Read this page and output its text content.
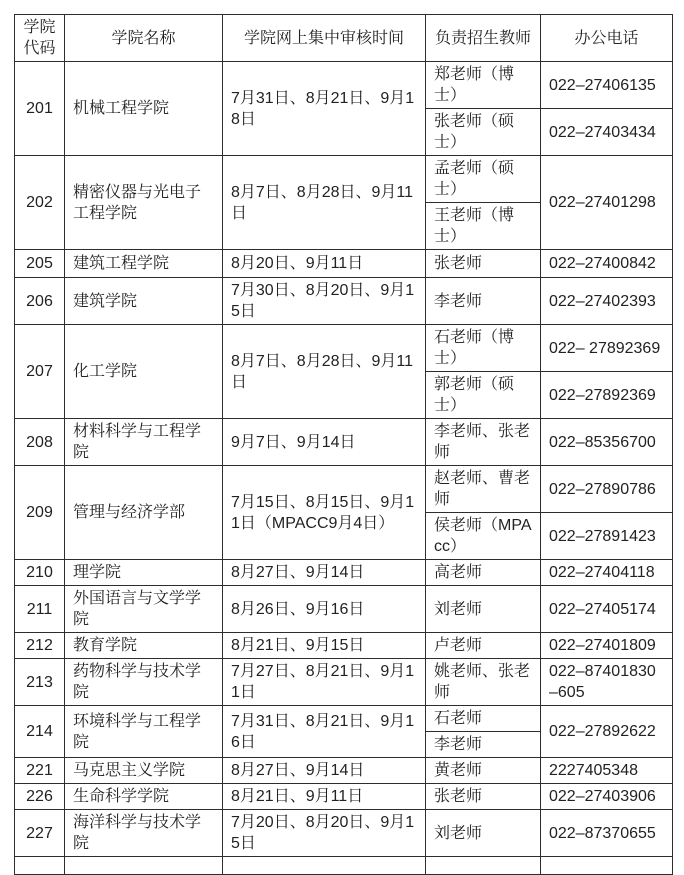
学院代码	学院名称	学院网上集中审核时间	负责招生教师	办公电话
201	机械工程学院	7月31日、8月21日、9月18日	郑老师（博士）	022–27406135
			张老师（硕士）	022–27403434
202	精密仪器与光电子工程学院	8月7日、8月28日、9月11日	孟老师（硕士）	022–27401298
			王老师（博士）	
205	建筑工程学院	8月20日、9月11日	张老师	022–27400842
206	建筑学院	7月30日、8月20日、9月15日	李老师	022–27402393
207	化工学院	8月7日、8月28日、9月11日	石老师（博士）	022– 27892369
			郭老师（硕士）	022–27892369
208	材料科学与工程学院	9月7日、9月14日	李老师、张老师	022–85356700
209	管理与经济学部	7月15日、8月15日、9月11日（MPACC9月4日）	赵老师、曹老师	022–27890786
			侯老师（MPAcc）	022–27891423
210	理学院	8月27日、9月14日	高老师	022–27404118
211	外国语言与文学学院	8月26日、9月16日	刘老师	022–27405174
212	教育学院	8月21日、9月15日	卢老师	022–27401809
213	药物科学与技术学院	7月27日、8月21日、9月11日	姚老师、张老师	022–87401830–605
214	环境科学与工程学院	7月31日、8月21日、9月16日	石老师	022–27892622
			李老师	
221	马克思主义学院	8月27日、9月14日	黄老师	2227405348
226	生命科学学院	8月21日、9月11日	张老师	022–27403906
227	海洋科学与技术学院	7月20日、8月20日、9月15日	刘老师	022–87370655
